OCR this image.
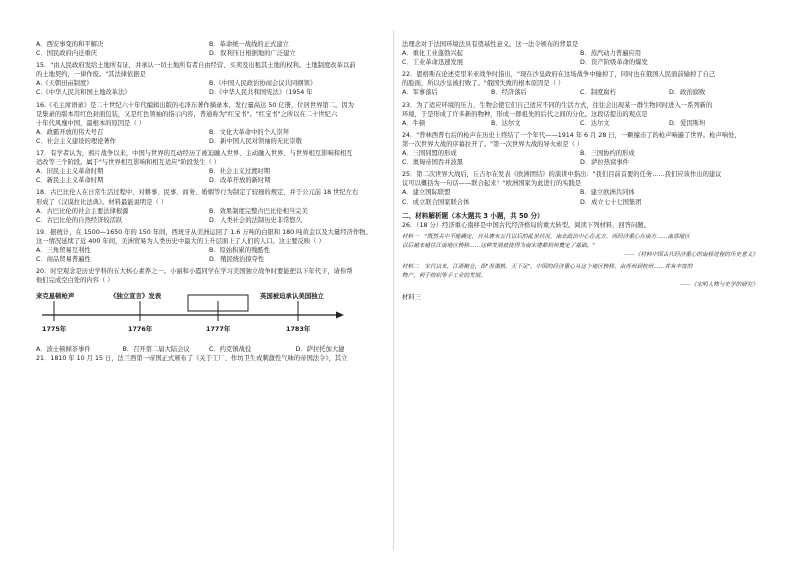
A．西安事变的和平解决	B．革命统一战线的正式建立
C．国民政府内迁重庆	D．叙利压日根据地的广泛建立
15．"由人民政府发给土地所有证，并承认一切土地所有者自由经营、买卖及出租其土地的权利。土地制度改革以前
的土地契约，一律作废。"其法律依据是
A.《天朝田亩制度》	B.《中国人民政治协商会议共同纲领》
C.《中华人民共和国土地改革法》	D.《中华人民共和国宪法》（1954 年
16.《毛主席语录》是二十世纪六十年代编辑出版的毛泽东著作摘录本，发行量高达 50 亿册，位居世界第二。因为
是集录的版本用红色封面包装，又是红色领袖的指示内容，普通称为"红宝书"。"红宝书"之所以在二十世纪六
十年代风靡中国，最根本的原因是（ ）
A．政霸开放的伟大号召	B．文化大革命中的个人崇拜
C．社会主义建设的理论著作	D．新中国人民对领袖的无比崇敬
17．有学者认为，鸦片战争以来，中国与世界的互动经历了被迫融入世界、主动融入世界、与世界相互影响和相互
适改等三个阶段。属于"与世界相互影响和相互适应"阶段发生（ ）
A．旧民主主义革命时期	B．社会主义过渡时期
C．新民主主义革命时期	D．改革开放的新时期
18．古巴比伦人在日常生活过程中，对耕事、民事、商务、婚姻等行为制定了较细的规定，并于公元前 18 世纪左右
形成了《汉谟拉比法典》。材料最能说明是（ ）
A．古巴比伦的社会主要法律根源	B．效果制度完整古巴比伦相当完美
C．古巴比伦的自然经济较活跃	D．人类社会的法制历史非常悠久
19．据统计，在 1500—1650 年的 150 年间，西班牙从美洲运回了 1.6 万吨的白银和 180 吨黄金以及大量经济作物。
这一情况延续了近 400 年间，美洲贸易为人类历史中最大的上升层面上了人们的人口。这主要反映（ ）
A．三角贸易互利性	B．原始积累的残酷性
C．商品贸易普遍性	D．殖民统治掠夺性
20．时空观念是历史学科的五大核心素养之一。小丽和小霞同学在学习美国独立战争时要能把以下年代下，请你帮
他们完成空白处的内容（ ）
来克星顿枪声	《独立宣言》发表	英国被迫承认美国独立
1775年	1776年	1777年	1783年
A．波士顿倾茶事件	B．召开第二届大陆会议	C．约克镇战役	D．萨拉托加大捷
21．1810 年 10 月 15 日，法兰西第一帝国正式颁布了《关于工厂、作坊卫生或刺激性气味的帝国法令》，其立
法理念对于法国环境法具有奠基性意义。这一法令颁布的背景是
A．重化工业蓬勃兴起	B．蒸汽动力普遍应用
C．工业革命迅速发展	D．资产阶级革命的爆发
22．恩格斯在论述克里米亚战争时指出，"现在沙皇政府在这场战争中输掉了，同时也在俄国人民面前输掉了自己
的脸面，所以沙皇被打败了。"俄国失败的根本原因是（ ）
A．军事落后	B．经济落后	C．制度腐朽	D．政治腐败
23．为了适应环境的压力，生物会使它们自己适应不同的生活方式，往往会出现某一群生物同时进入一系列新的
环境，于是形成了许多新的物种，形成一群祖先的后代之间的分化。这段话提出的观点是
A．牛顿	B．达尔文	C．达尔文	D．爱因斯坦
24．"普林西普右后的枪声在历史上终结了一个年代——1914 年 6 月 28 日，一颗撞击了的枪声响遍了世界。枪声响处，
第一次世界大战的序幕拉开了。"第一次世界大战的导火索是（ ）
A．三国同盟的形成	B．三国协约的形成
C．奥匈帝国吞并波黑	D．萨拉热窝事件
25．第二次世界大战后，丘吉尔在发表《欧洲团结》的演讲中指出："我们目前首要的任务……我们应该作出的建议
议可以概括为一句话——联合起来！"欧洲国家为此进行的实践是
A．建立国际联盟	B．建立欧洲共同体
C．成立联合国家联合体	D．成立七十七国集团
二、材料解析题（本大题共 3 小题，共 50 分）
26．（18 分）经济重心南移是中国古代经济格局的重大转型。阅读下列材料，回答问题。
材料一　"既然关中不能确定，自从唐末五代以后的乱世状况，南北政治中心在北方，而经济重心在南方……南部地区
以后越来越往江南地区转移……这种发展就使得为南宋建都杭州奠定了基础。"
——《材料中国古代经济重心的南移进程的历史意义》
材料二　宋代以来，江浙粮仓，即"苏湖熟，天下足"。中国的经济重心从这个地区转移，由苏州到杭州……并有丰富的
物产，利于纺织等手工业的发展。
——《宋明人物与史学的研究》
材料三
